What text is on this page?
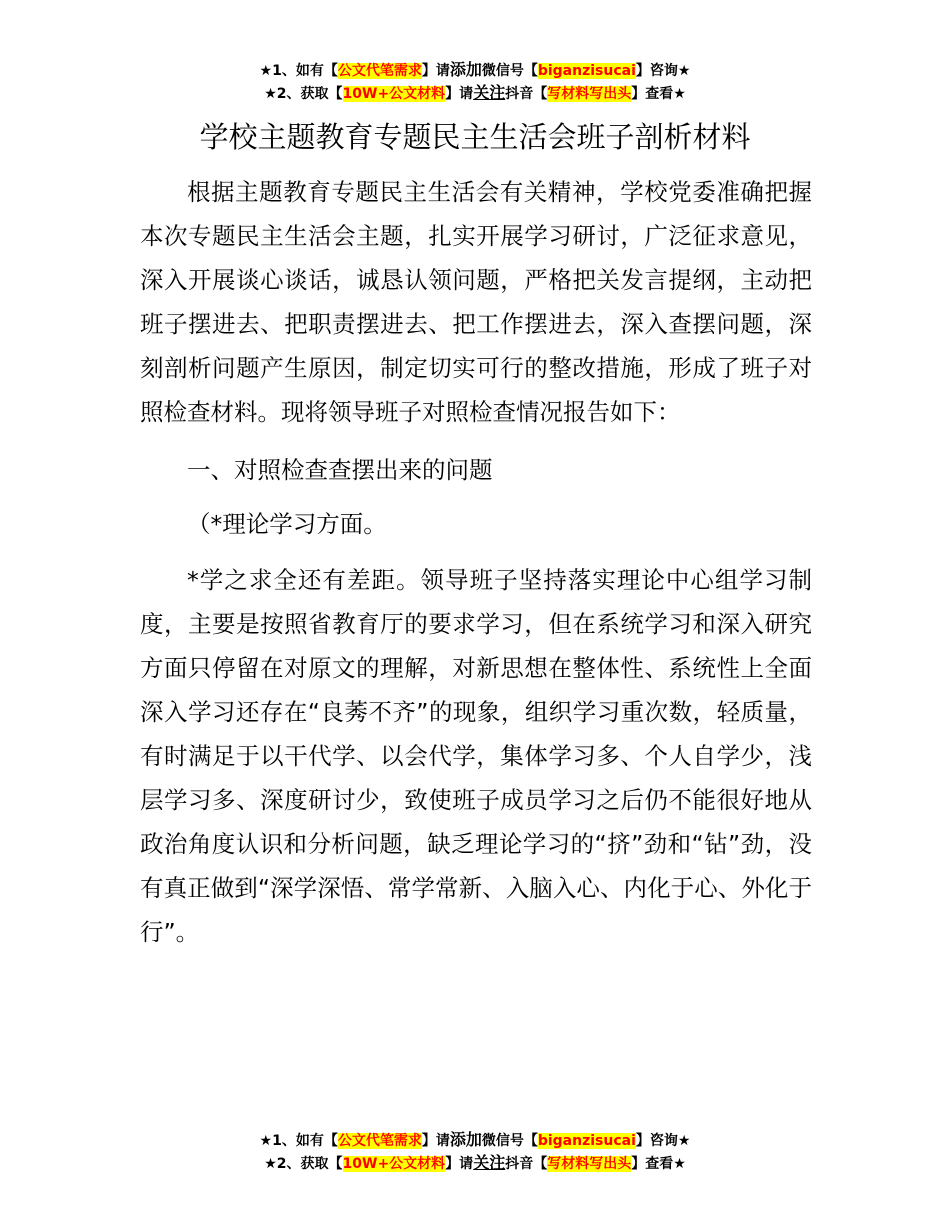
★1、如有【公文代笔需求】请添加微信号【biganzisucai】咨询★
★2、获取【10W+公文材料】请关注抖音【写材料写出头】查看★
学校主题教育专题民主生活会班子剖析材料

根据主题教育专题民主生活会有关精神，学校党委准确把握本次专题民主生活会主题，扎实开展学习研讨，广泛征求意见，深入开展谈心谈话，诚恳认领问题，严格把关发言提纲，主动把班子摆进去、把职责摆进去、把工作摆进去，深入查摆问题，深刻剖析问题产生原因，制定切实可行的整改措施，形成了班子对照检查材料。现将领导班子对照检查情况报告如下：

一、对照检查查摆出来的问题

（*理论学习方面。

*学之求全还有差距。领导班子坚持落实理论中心组学习制度，主要是按照省教育厅的要求学习，但在系统学习和深入研究方面只停留在对原文的理解，对新思想在整体性、系统性上全面深入学习还存在“良莠不齐”的现象，组织学习重次数，轻质量，有时满足于以干代学、以会代学，集体学习多、个人自学少，浅层学习多、深度研讨少，致使班子成员学习之后仍不能很好地从政治角度认识和分析问题，缺乏理论学习的“挤”劲和“钻”劲，没有真正做到“深学深悟、常学常新、入脑入心、内化于心、外化于行”。

★1、如有【公文代笔需求】请添加微信号【biganzisucai】咨询★
★2、获取【10W+公文材料】请关注抖音【写材料写出头】查看★
